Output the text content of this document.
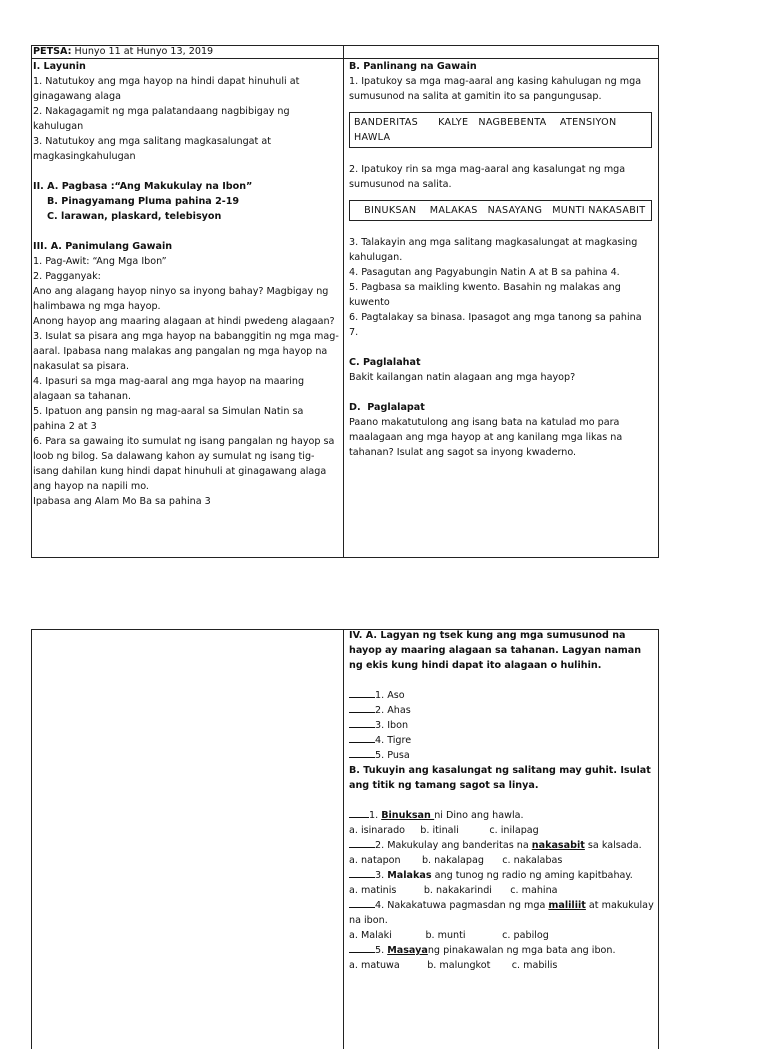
PETSA: Hunyo 11 at Hunyo 13, 2019

I. Layunin

1. Natutukoy ang mga hayop na hindi dapat hinuhuli at ginagawang alaga

2. Nakagagamit ng mga palatandaang nagbibigay ng kahulugan

3. Natutukoy ang mga salitang magkasalungat at magkasingkahulugan

II. A. Pagbasa :“Ang Makukulay na Ibon”

B. Pinagyamang Pluma pahina 2-19

C. larawan, plaskard, telebisyon

III. A. Panimulang Gawain

1. Pag-Awit: “Ang Mga Ibon”

2. Pagganyak:

Ano ang alagang hayop ninyo sa inyong bahay? Magbigay ng halimbawa ng mga hayop.

Anong hayop ang maaring alagaan at hindi pwedeng alagaan?

3. Isulat sa pisara ang mga hayop na babanggitin ng mga mag-aaral. Ipabasa nang malakas ang pangalan ng mga hayop na nakasulat sa pisara.

4. Ipasuri sa mga mag-aaral ang mga hayop na maaring alagaan sa tahanan.

5. Ipatuon ang pansin ng mag-aaral sa Simulan Natin sa pahina 2 at 3

6. Para sa gawaing ito sumulat ng isang pangalan ng hayop sa loob ng bilog. Sa dalawang kahon ay sumulat ng isang tig-isang dahilan kung hindi dapat hinuhuli at ginagawang alaga ang hayop na napili mo.

Ipabasa ang Alam Mo Ba sa pahina 3

B. Panlinang na Gawain

1. Ipatukoy sa mga mag-aaral ang kasing kahulugan ng mga sumusunod na salita at gamitin ito sa pangungusap.

BANDERITAS      KALYE   NAGBEBENTA    ATENSIYON HAWLA

2. Ipatukoy rin sa mga mag-aaral ang kasalungat ng mga sumusunod na salita.

BINUKSAN    MALAKAS   NASAYANG   MUNTI NAKASABIT

3. Talakayin ang mga salitang magkasalungat at magkasing kahulugan.

4. Pasagutan ang Pagyabungin Natin A at B sa pahina 4.

5. Pagbasa sa maikling kwento. Basahin ng malakas ang kuwento

6. Pagtalakay sa binasa. Ipasagot ang mga tanong sa pahina 7.

C. Paglalahat

Bakit kailangan natin alagaan ang mga hayop?

D.  Paglalapat

Paano makatutulong ang isang bata na katulad mo para maalagaan ang mga hayop at ang kanilang mga likas na tahanan? Isulat ang sagot sa inyong kwaderno.

IV. A. Lagyan ng tsek kung ang mga sumusunod na hayop ay maaring alagaan sa tahanan. Lagyan naman ng ekis kung hindi dapat ito alagaan o hulihin.

1. Aso

2. Ahas

3. Ibon

4. Tigre

5. Pusa

B. Tukuyin ang kasalungat ng salitang may guhit. Isulat ang titik ng tamang sagot sa linya.

1. Binuksan ni Dino ang hawla.

a. isinarado     b. itinali          c. inilapag

2. Makukulay ang banderitas na nakasabit sa kalsada.

a. natapon       b. nakalapag      c. nakalabas

3. Malakas ang tunog ng radio ng aming kapitbahay.

a. matinis         b. nakakarindi      c. mahina

4. Nakakatuwa pagmasdan ng mga maliliit at makukulay na ibon.

a. Malaki           b. munti            c. pabilog

5. Masayang pinakawalan ng mga bata ang ibon.

a. matuwa         b. malungkot       c. mabilis
